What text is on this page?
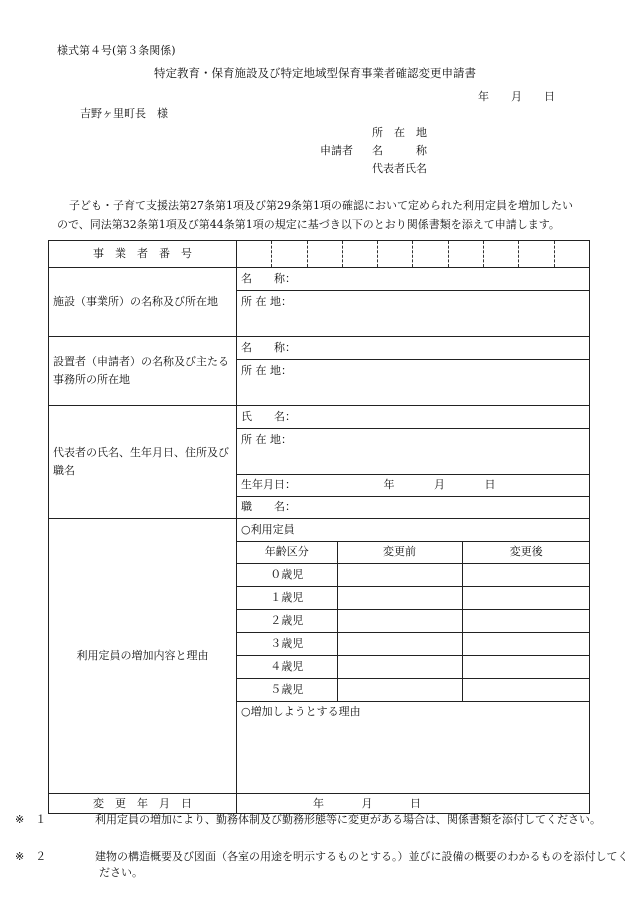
様式第４号(第３条関係)
特定教育・保育施設及び特定地域型保育事業者確認変更申請書
年 月 日
吉野ヶ里町長　様
所　在　地
申請者 名　　　称
代表者氏名
子ども・子育て支援法第27条第1項及び第29条第1項の確認において定められた利用定員を増加したいので、同法第32条第1項及び第44条第1項の規定に基づき以下のとおり関係書類を添えて申請します。
事　業　者　番　号	

施設（事業所）の名称及び所在地	
名　　称：
所 在 地：

設置者（申請者）の名称及び主たる事務所の所在地	
名　　称：
所 在 地：

代表者の氏名、生年月日、住所及び職名	
氏　　名：
所 在 地：
生年月日：	年	月	日
職　　名：

利用定員の増加内容と理由	
○利用定員
年齢区分	変更前	変更後
０歳児		
１歳児		
２歳児		
３歳児		
４歳児		
５歳児		
○増加しようとする理由

変　更　年　月　日	年	月	日
※　１	利用定員の増加により、勤務体制及び勤務形態等に変更がある場合は、関係書類を添付してください。
※　２	建物の構造概要及び図面（各室の用途を明示するものとする。）並びに設備の概要のわかるものを添付してください。
